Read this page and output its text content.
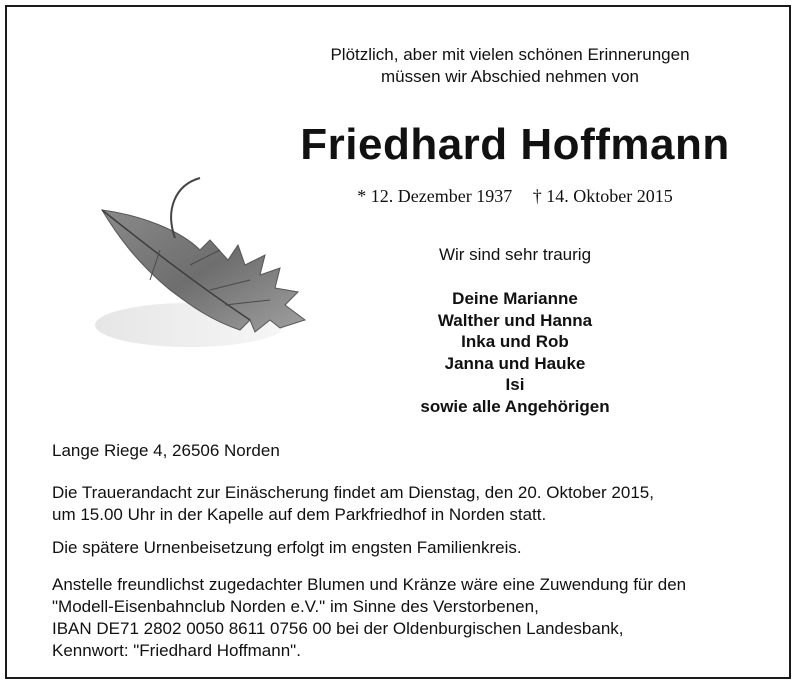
Plötzlich, aber mit vielen schönen Erinnerungen
müssen wir Abschied nehmen von
Friedhard Hoffmann
* 12. Dezember 1937 † 14. Oktober 2015
Wir sind sehr traurig
Deine Marianne
Walther und Hanna
Inka und Rob
Janna und Hauke
Isi
sowie alle Angehörigen
Lange Riege 4, 26506 Norden
Die Trauerandacht zur Einäscherung findet am Dienstag, den 20. Oktober 2015,
um 15.00 Uhr in der Kapelle auf dem Parkfriedhof in Norden statt.
Die spätere Urnenbeisetzung erfolgt im engsten Familienkreis.
Anstelle freundlichst zugedachter Blumen und Kränze wäre eine Zuwendung für den
"Modell-Eisenbahnclub Norden e.V." im Sinne des Verstorbenen,
IBAN DE71 2802 0050 8611 0756 00 bei der Oldenburgischen Landesbank,
Kennwort: "Friedhard Hoffmann".
